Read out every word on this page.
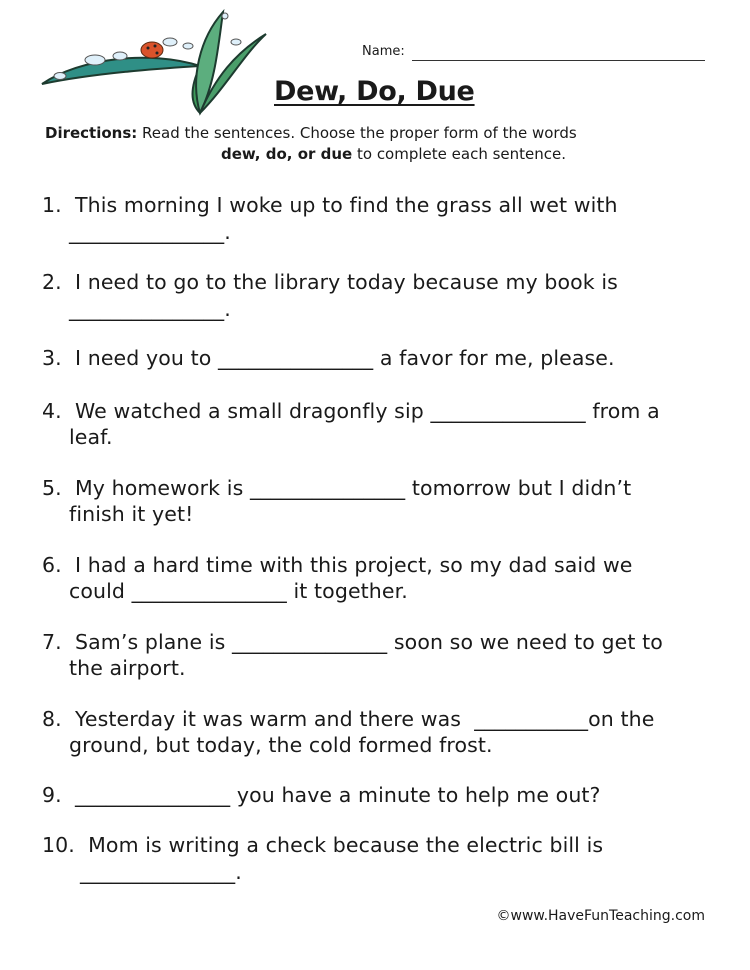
Name:
Dew, Do, Due
Directions: Read the sentences. Choose the proper form of the words
dew, do, or due to complete each sentence.
1.  This morning I woke up to find the grass all wet with
_______________.
2.  I need to go to the library today because my book is
_______________.
3.  I need you to _______________ a favor for me, please.
4.  We watched a small dragonfly sip _______________ from a
leaf.
5.  My homework is _______________ tomorrow but I didn’t
finish it yet!
6.  I had a hard time with this project, so my dad said we
could _______________ it together.
7.  Sam’s plane is _______________ soon so we need to get to
the airport.
8.  Yesterday it was warm and there was  ___________on the
ground, but today, the cold formed frost.
9.  _______________ you have a minute to help me out?
10.  Mom is writing a check because the electric bill is
_______________.
©www.HaveFunTeaching.com
